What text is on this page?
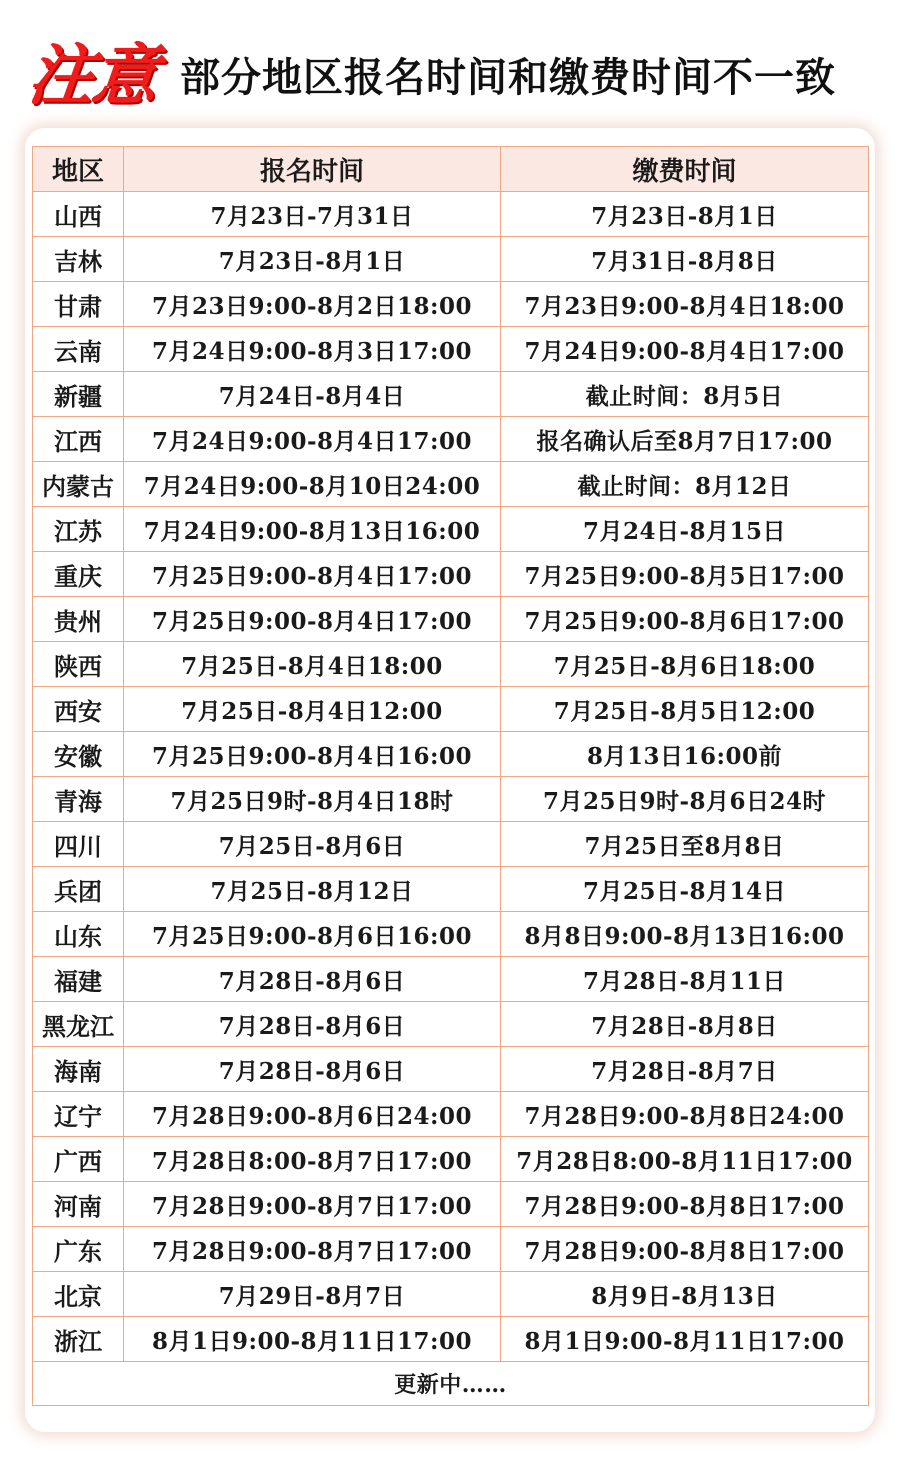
注意 部分地区报名时间和缴费时间不一致
地区	报名时间	缴费时间
山西	7月23日-7月31日	7月23日-8月1日
吉林	7月23日-8月1日	7月31日-8月8日
甘肃	7月23日9:00-8月2日18:00	7月23日9:00-8月4日18:00
云南	7月24日9:00-8月3日17:00	7月24日9:00-8月4日17:00
新疆	7月24日-8月4日	截止时间：8月5日
江西	7月24日9:00-8月4日17:00	报名确认后至8月7日17:00
内蒙古	7月24日9:00-8月10日24:00	截止时间：8月12日
江苏	7月24日9:00-8月13日16:00	7月24日-8月15日
重庆	7月25日9:00-8月4日17:00	7月25日9:00-8月5日17:00
贵州	7月25日9:00-8月4日17:00	7月25日9:00-8月6日17:00
陕西	7月25日-8月4日18:00	7月25日-8月6日18:00
西安	7月25日-8月4日12:00	7月25日-8月5日12:00
安徽	7月25日9:00-8月4日16:00	8月13日16:00前
青海	7月25日9时-8月4日18时	7月25日9时-8月6日24时
四川	7月25日-8月6日	7月25日至8月8日
兵团	7月25日-8月12日	7月25日-8月14日
山东	7月25日9:00-8月6日16:00	8月8日9:00-8月13日16:00
福建	7月28日-8月6日	7月28日-8月11日
黑龙江	7月28日-8月6日	7月28日-8月8日
海南	7月28日-8月6日	7月28日-8月7日
辽宁	7月28日9:00-8月6日24:00	7月28日9:00-8月8日24:00
广西	7月28日8:00-8月7日17:00	7月28日8:00-8月11日17:00
河南	7月28日9:00-8月7日17:00	7月28日9:00-8月8日17:00
广东	7月28日9:00-8月7日17:00	7月28日9:00-8月8日17:00
北京	7月29日-8月7日	8月9日-8月13日
浙江	8月1日9:00-8月11日17:00	8月1日9:00-8月11日17:00
更新中……		
